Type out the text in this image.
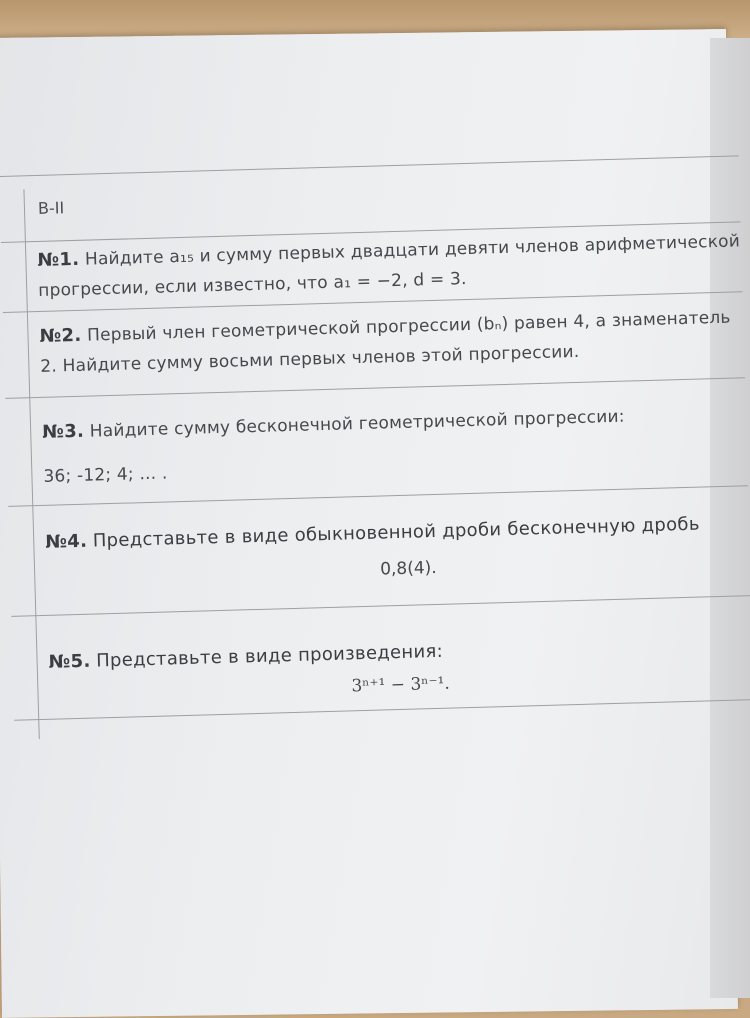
В-II
№1. Найдите a₁₅ и сумму первых двадцати девяти членов арифметической
прогрессии, если известно, что a₁ = −2, d = 3.
№2. Первый член геометрической прогрессии (bₙ) равен 4, а знаменатель
2. Найдите сумму восьми первых членов этой прогрессии.
№3. Найдите сумму бесконечной геометрической прогрессии:
36; -12; 4; ... .
№4. Представьте в виде обыкновенной дроби бесконечную дробь
0,8(4).
№5. Представьте в виде произведения:
3ⁿ⁺¹ − 3ⁿ⁻¹.
